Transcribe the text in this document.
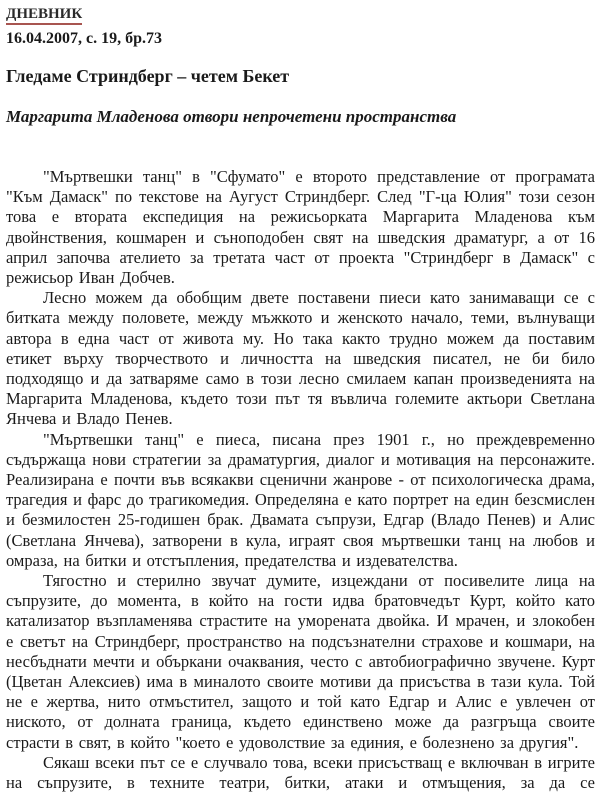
ДНЕВНИК
16.04.2007, с. 19, бр.73
Гледаме Стриндберг – четем Бекет
Маргарита Младенова отвори непрочетени пространства

"Мъртвешки танц" в "Сфумато" е второто представление от програмата "Към Дамаск" по текстове на Аугуст Стриндберг. След "Г-ца Юлия" този сезон това е втората експедиция на режисьорката Маргарита Младенова към двойнствения, кошмарен и съноподобен свят на шведския драматург, а от 16 април започва ателието за третата част от проекта "Стриндберг в Дамаск" с режисьор Иван Добчев.

Лесно можем да обобщим двете поставени пиеси като занимаващи се с битката между половете, между мъжкото и женското начало, теми, вълнуващи автора в една част от живота му. Но така както трудно можем да поставим етикет върху творчеството и личността на шведския писател, не би било подходящо и да затваряме само в този лесно смилаем капан произведенията на Маргарита Младенова, където този път тя въвлича големите актьори Светлана Янчева и Владо Пенев.

"Мъртвешки танц" е пиеса, писана през 1901 г., но преждевременно съдържаща нови стратегии за драматургия, диалог и мотивация на персонажите. Реализирана е почти във всякакви сценични жанрове - от психологическа драма, трагедия и фарс до трагикомедия. Определяна е като портрет на един безсмислен и безмилостен 25-годишен брак. Двамата съпрузи, Едгар (Владо Пенев) и Алис (Светлана Янчева), затворени в кула, играят своя мъртвешки танц на любов и омраза, на битки и отстъпления, предателства и издевателства.

Тягостно и стерилно звучат думите, изцеждани от посивелите лица на съпрузите, до момента, в който на гости идва братовчедът Курт, който като катализатор възпламенява страстите на уморената двойка. И мрачен, и злокобен е светът на Стриндберг, пространство на подсъзнателни страхове и кошмари, на несбъднати мечти и объркани очаквания, често с автобиографично звучене. Курт (Цветан Алексиев) има в миналото своите мотиви да присъства в тази кула. Той не е жертва, нито отмъстител, защото и той като Едгар и Алис е увлечен от ниското, от долната граница, където единствено може да разгръща своите страсти в свят, в който "което е удоволствие за единия, е болезнено за другия".

Сякаш всеки път се е случвало това, всеки присъстващ е включван в игрите на съпрузите, в техните театри, битки, атаки и отмъщения, за да се
